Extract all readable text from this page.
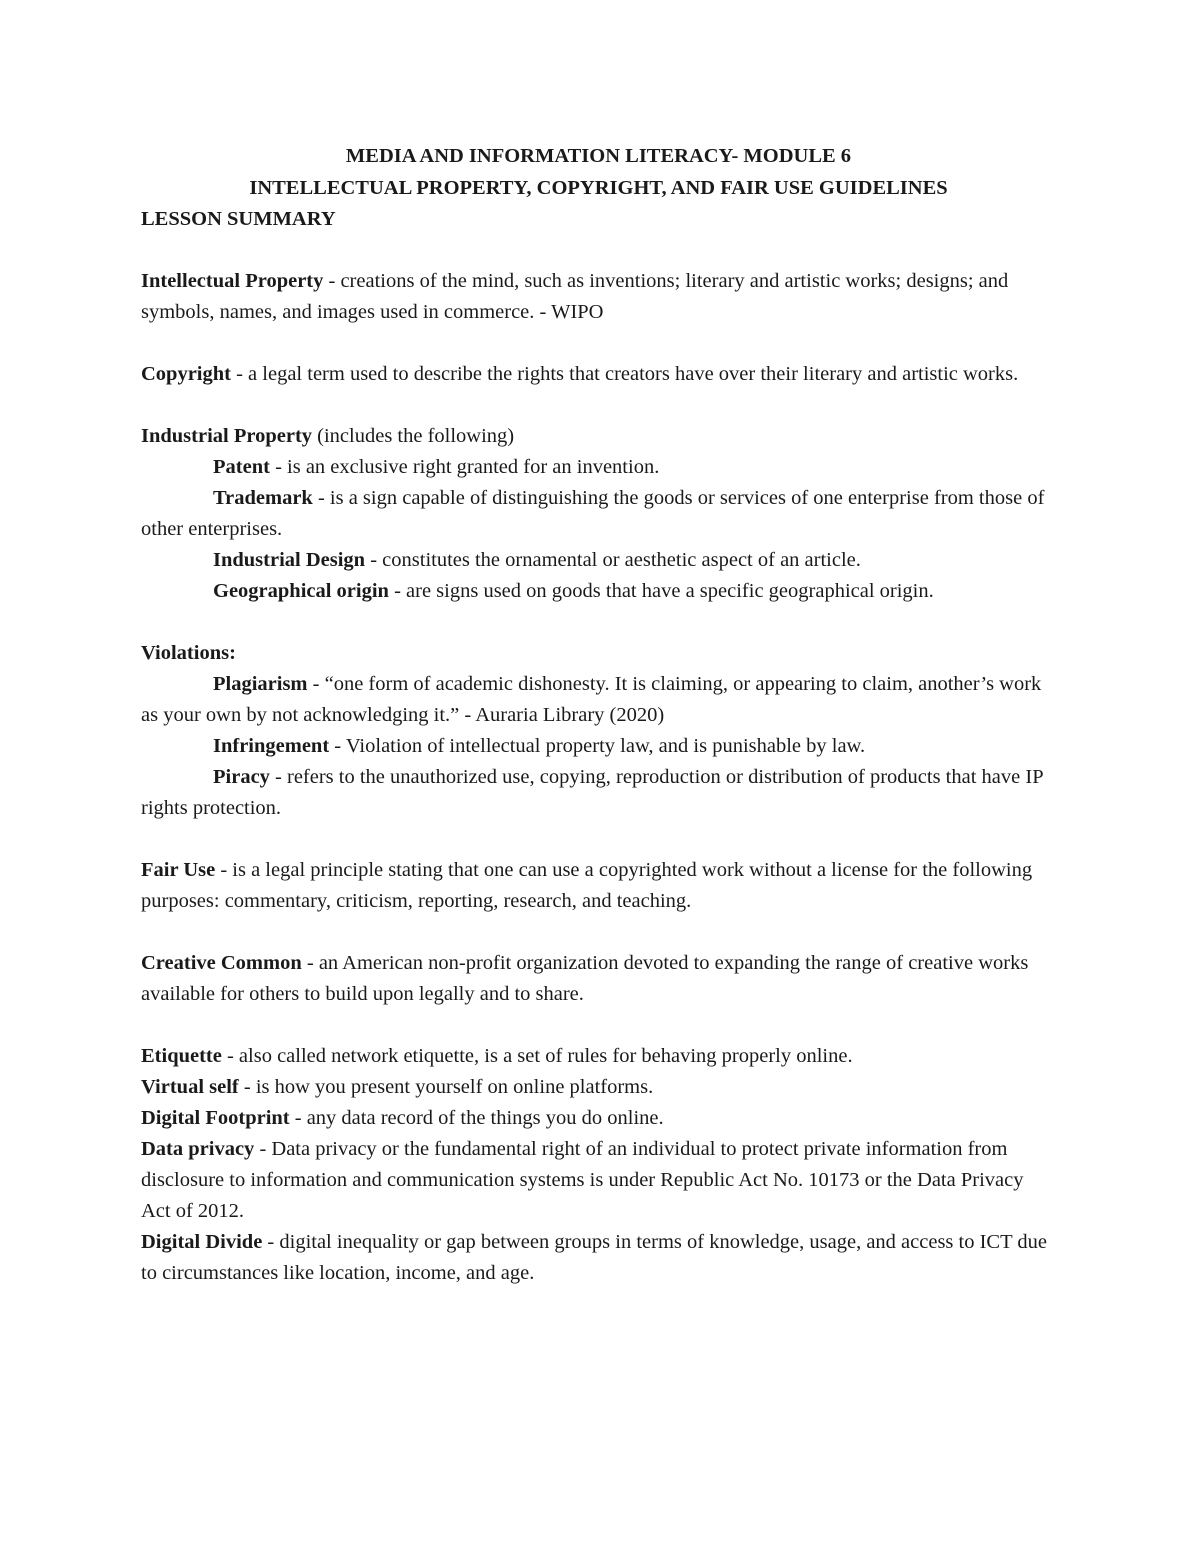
MEDIA AND INFORMATION LITERACY- MODULE 6

INTELLECTUAL PROPERTY, COPYRIGHT, AND FAIR USE GUIDELINES

LESSON SUMMARY

Intellectual Property - creations of the mind, such as inventions; literary and artistic works; designs; and symbols, names, and images used in commerce. - WIPO

Copyright - a legal term used to describe the rights that creators have over their literary and artistic works.

Industrial Property (includes the following)

Patent - is an exclusive right granted for an invention.

Trademark - is a sign capable of distinguishing the goods or services of one enterprise from those of other enterprises.

Industrial Design - constitutes the ornamental or aesthetic aspect of an article.

Geographical origin - are signs used on goods that have a specific geographical origin.

Violations:

Plagiarism - “one form of academic dishonesty. It is claiming, or appearing to claim, another’s work as your own by not acknowledging it.” - Auraria Library (2020)

Infringement - Violation of intellectual property law, and is punishable by law.

Piracy - refers to the unauthorized use, copying, reproduction or distribution of products that have IP rights protection.

Fair Use - is a legal principle stating that one can use a copyrighted work without a license for the following purposes: commentary, criticism, reporting, research, and teaching.

Creative Common - an American non-profit organization devoted to expanding the range of creative works available for others to build upon legally and to share.

Etiquette - also called network etiquette, is a set of rules for behaving properly online.

Virtual self - is how you present yourself on online platforms.

Digital Footprint - any data record of the things you do online.

Data privacy - Data privacy or the fundamental right of an individual to protect private information from disclosure to information and communication systems is under Republic Act No. 10173 or the Data Privacy Act of 2012.

Digital Divide - digital inequality or gap between groups in terms of knowledge, usage, and access to ICT due to circumstances like location, income, and age.
